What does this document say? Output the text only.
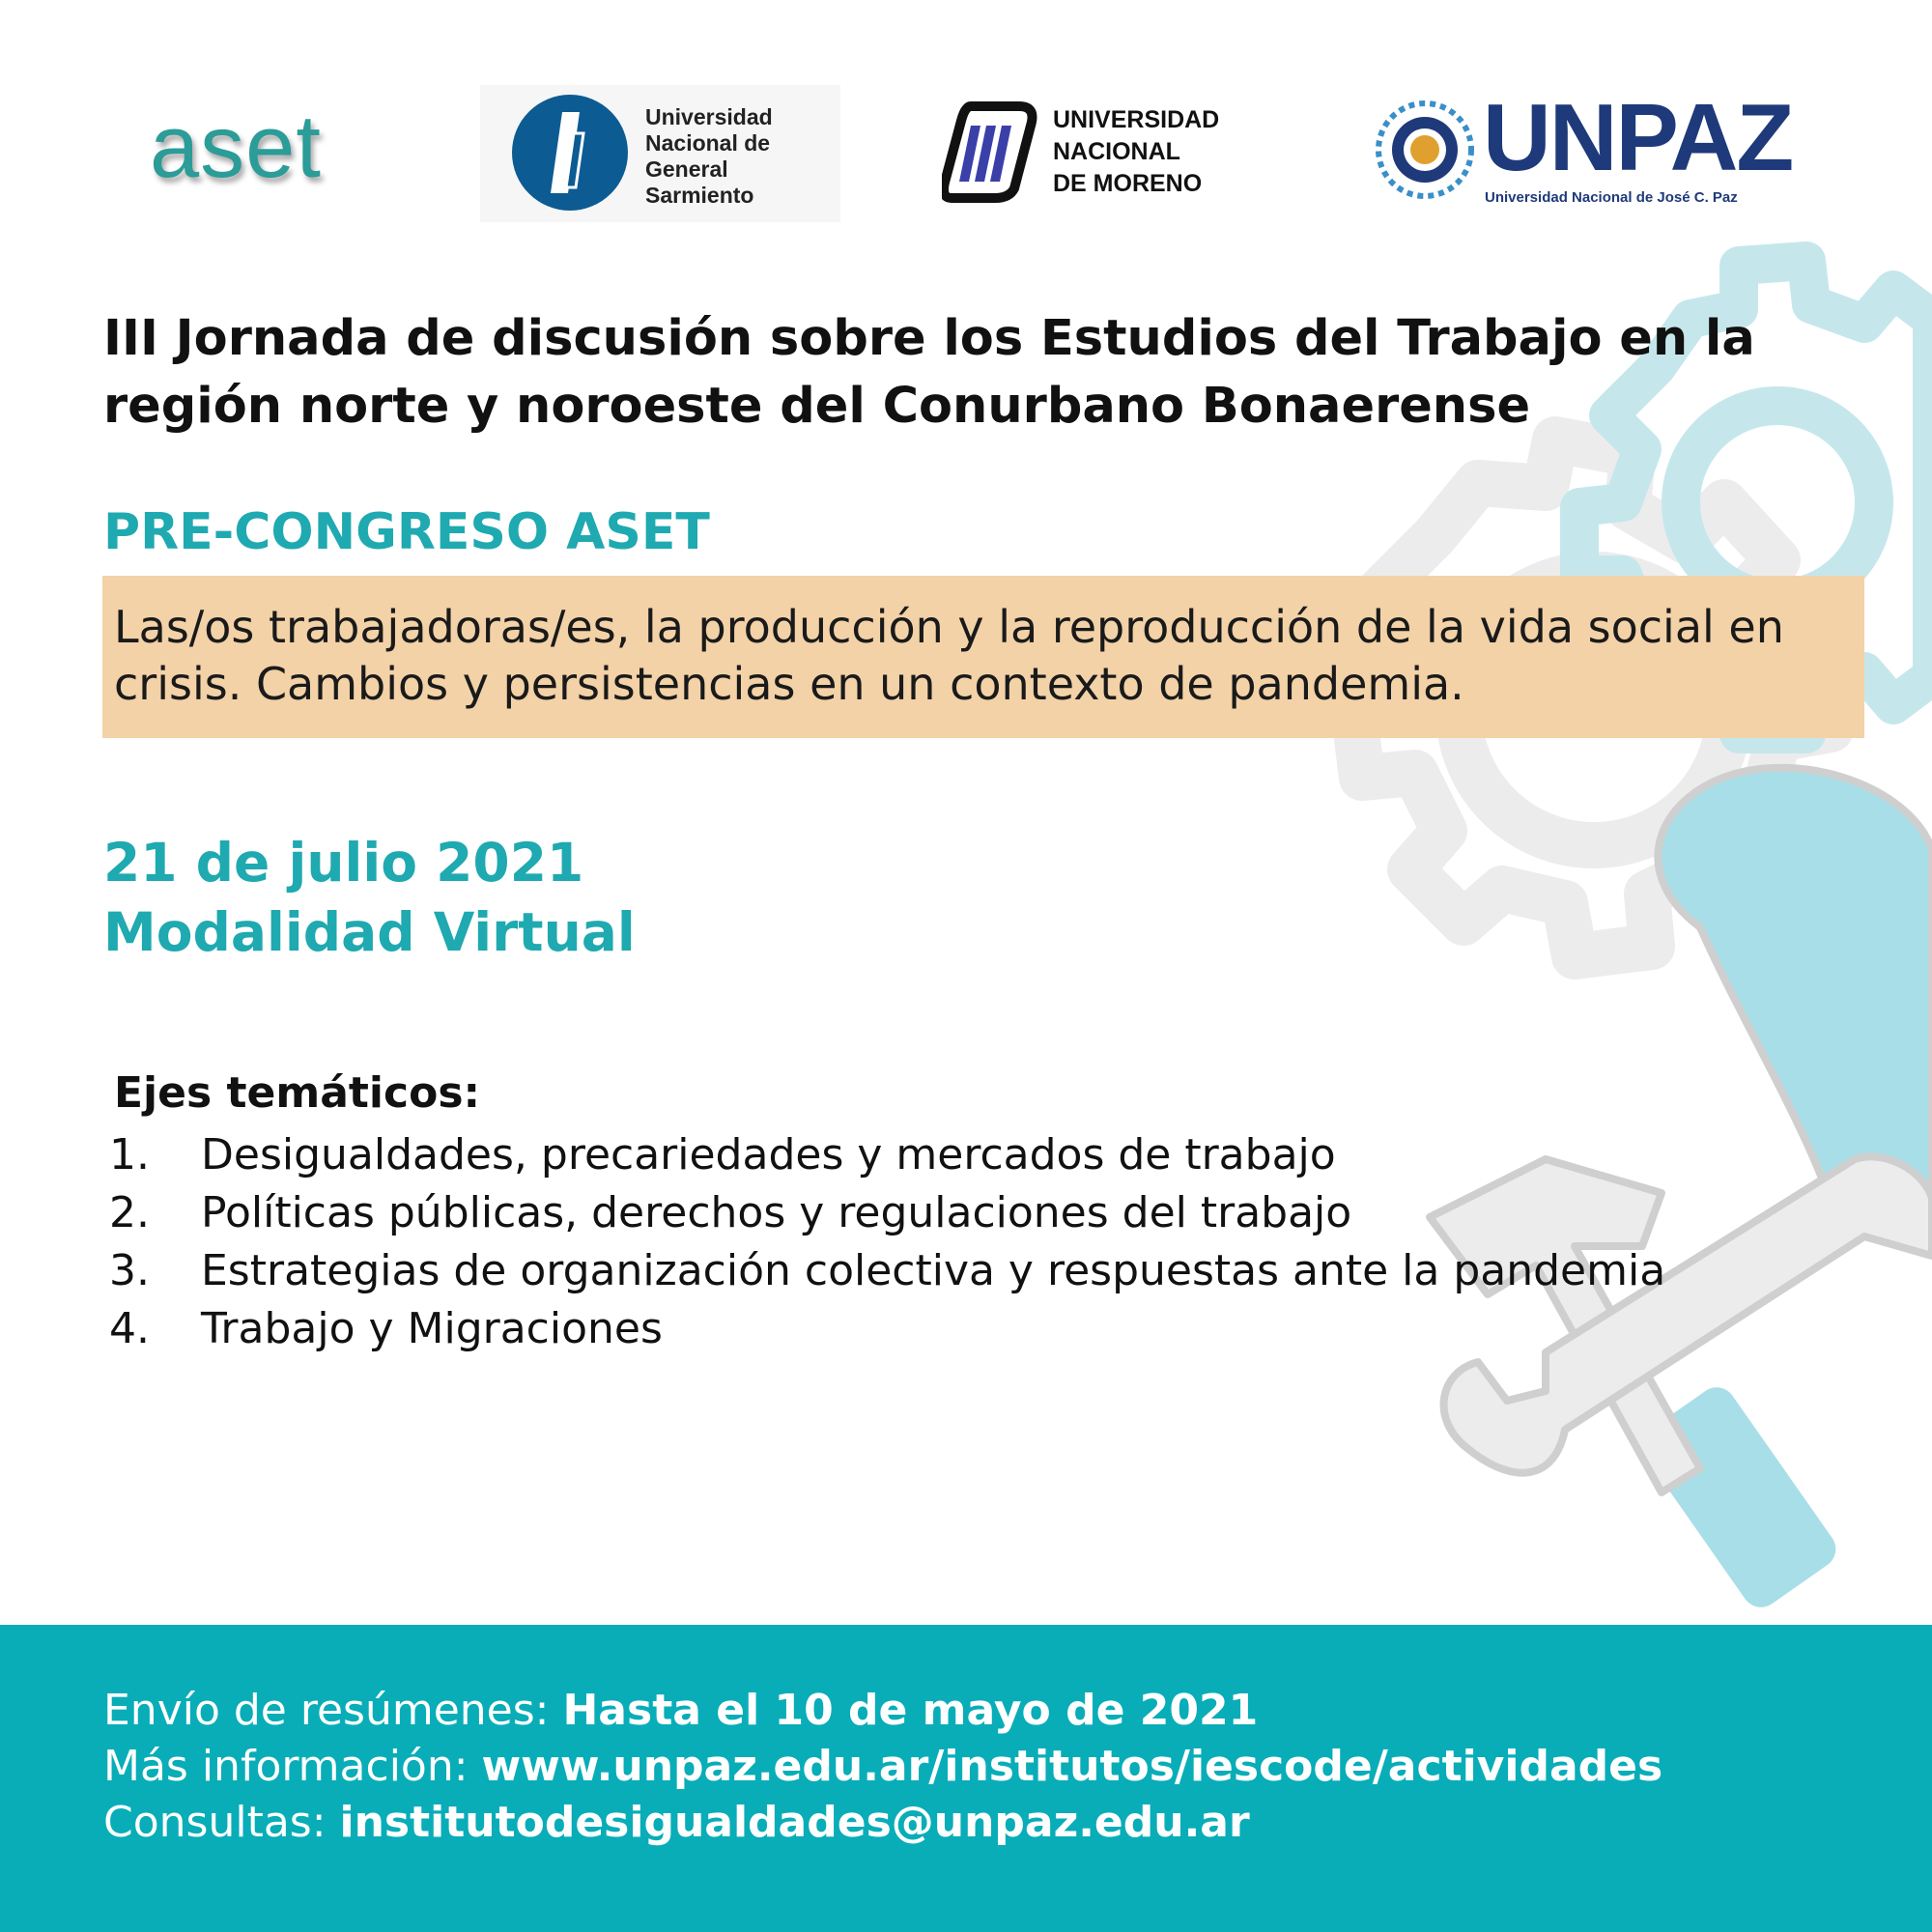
aset	Universidad
Nacional de
General
Sarmiento
UNIVERSIDAD
NACIONAL
DE MORENO	UNPAZ
Universidad Nacional de José C. Paz
III Jornada de discusión sobre los Estudios del Trabajo en la región norte y noroeste del Conurbano Bonaerense
PRE-CONGRESO ASET
Las/os trabajadoras/es, la producción y la reproducción de la vida social en crisis. Cambios y persistencias en un contexto de pandemia.
21 de julio 2021
Modalidad Virtual
Ejes temáticos:
1. Desigualdades, precariedades y mercados de trabajo
2. Políticas públicas, derechos y regulaciones del trabajo
3. Estrategias de organización colectiva y respuestas ante la pandemia
4. Trabajo y Migraciones
Envío de resúmenes: Hasta el 10 de mayo de 2021
Más información: www.unpaz.edu.ar/institutos/iescode/actividades
Consultas: institutodesigualdades@unpaz.edu.ar
